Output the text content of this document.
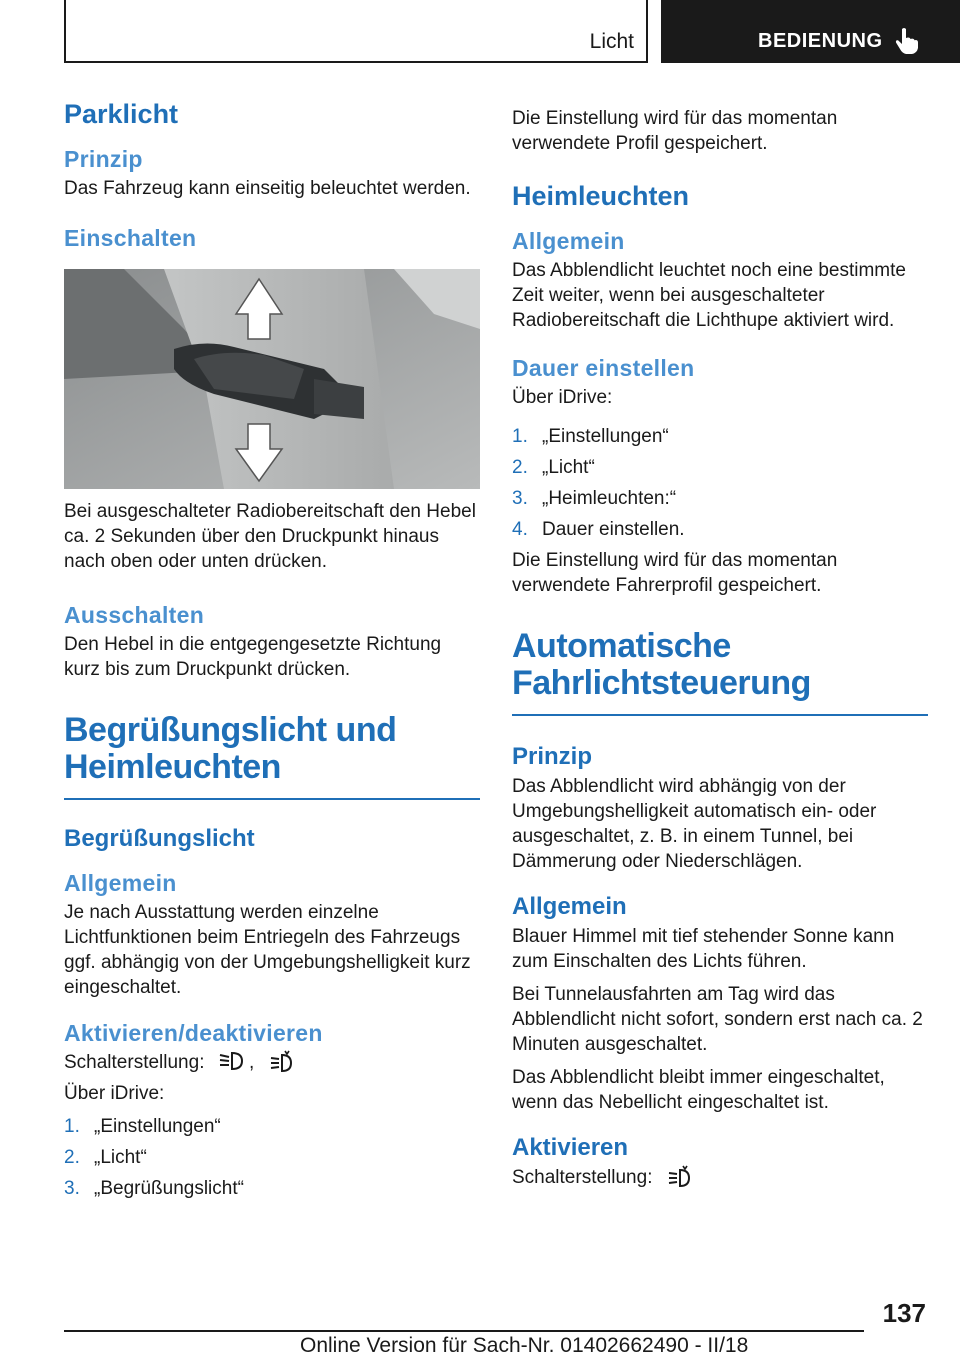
Licht	BEDIENUNG
Parklicht
Prinzip

Das Fahrzeug kann einseitig beleuchtet werden.

Einschalten

Bei ausgeschalteter Radiobereitschaft den Hebel ca. 2 Sekunden über den Druckpunkt hinaus nach oben oder unten drücken.

Ausschalten

Den Hebel in die entgegengesetzte Richtung kurz bis zum Druckpunkt drücken.

Begrüßungslicht und
Heimleuchten
Begrüßungslicht
Allgemein

Je nach Ausstattung werden einzelne Lichtfunktionen beim Entriegeln des Fahrzeugs ggf. abhängig von der Umgebungshelligkeit kurz eingeschaltet.

Aktivieren/deaktivieren

Schalterstellung: ,

Über iDrive:

1. „Einstellungen“
2. „Licht“
3. „Begrüßungslicht“

Die Einstellung wird für das momentan verwendete Profil gespeichert.

Heimleuchten
Allgemein

Das Abblendlicht leuchtet noch eine bestimmte Zeit weiter, wenn bei ausgeschalteter Radiobereitschaft die Lichthupe aktiviert wird.

Dauer einstellen

Über iDrive:

1. „Einstellungen“
2. „Licht“
3. „Heimleuchten:“
4. Dauer einstellen.

Die Einstellung wird für das momentan verwendete Fahrerprofil gespeichert.

Automatische
Fahrlichtsteuerung
Prinzip

Das Abblendlicht wird abhängig von der Umgebungshelligkeit automatisch ein- oder ausgeschaltet, z. B. in einem Tunnel, bei Dämmerung oder Niederschlägen.

Allgemein

Blauer Himmel mit tief stehender Sonne kann zum Einschalten des Lichts führen.

Bei Tunnelausfahrten am Tag wird das Abblendlicht nicht sofort, sondern erst nach ca. 2 Minuten ausgeschaltet.

Das Abblendlicht bleibt immer eingeschaltet, wenn das Nebellicht eingeschaltet ist.

Aktivieren

Schalterstellung:

137
Online Version für Sach-Nr. 01402662490 - II/18
